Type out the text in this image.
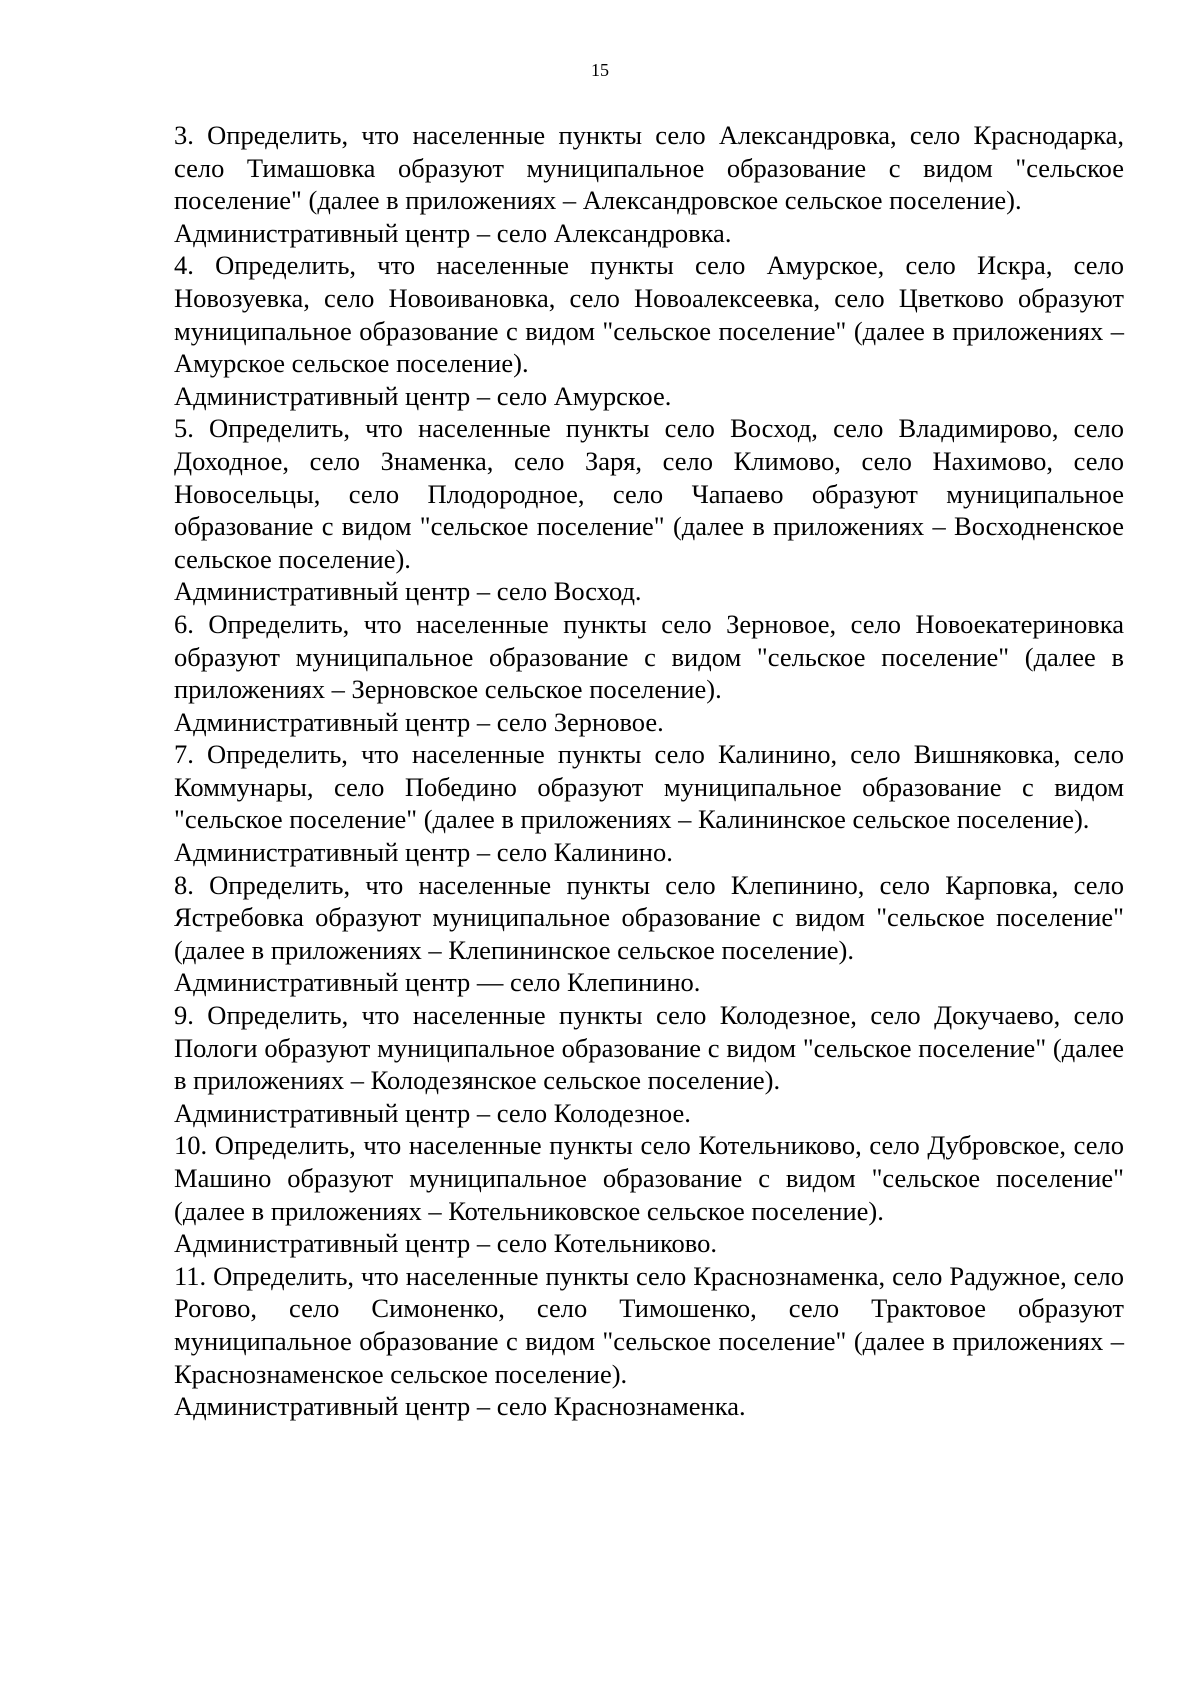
15

3. Определить, что населенные пункты село Александровка, село Краснодарка, село Тимашовка образуют муниципальное образование с видом "сельское поселение" (далее в приложениях – Александровское сельское поселение).

Административный центр – село Александровка.

4. Определить, что населенные пункты село Амурское, село Искра, село Новозуевка, село Новоивановка, село Новоалексеевка, село Цветково образуют муниципальное образование с видом "сельское поселение" (далее в приложениях – Амурское сельское поселение).

Административный центр – село Амурское.

5. Определить, что населенные пункты село Восход, село Владимирово, село Доходное, село Знаменка, село Заря, село Климово, село Нахимово, село Новосельцы, село Плодородное, село Чапаево образуют муниципальное образование с видом "сельское поселение" (далее в приложениях – Восходненское сельское поселение).

Административный центр – село Восход.

6. Определить, что населенные пункты село Зерновое, село Новоекатериновка образуют муниципальное образование с видом "сельское поселение" (далее в приложениях – Зерновское сельское поселение).

Административный центр – село Зерновое.

7. Определить, что населенные пункты село Калинино, село Вишняковка, село Коммунары, село Победино образуют муниципальное образование с видом "сельское поселение" (далее в приложениях – Калининское сельское поселение).

Административный центр – село Калинино.

8. Определить, что населенные пункты село Клепинино, село Карповка, село Ястребовка образуют муниципальное образование с видом "сельское поселение" (далее в приложениях – Клепининское сельское поселение).

Административный центр — село Клепинино.

9. Определить, что населенные пункты село Колодезное, село Докучаево, село Пологи образуют муниципальное образование с видом "сельское поселение" (далее в приложениях – Колодезянское сельское поселение).

Административный центр – село Колодезное.

10. Определить, что населенные пункты село Котельниково, село Дубровское, село Машино образуют муниципальное образование с видом "сельское поселение" (далее в приложениях – Котельниковское сельское поселение).

Административный центр – село Котельниково.

11. Определить, что населенные пункты село Краснознаменка, село Радужное, село Рогово, село Симоненко, село Тимошенко, село Трактовое образуют муниципальное образование с видом "сельское поселение" (далее в приложениях – Краснознаменское сельское поселение).

Административный центр – село Краснознаменка.
